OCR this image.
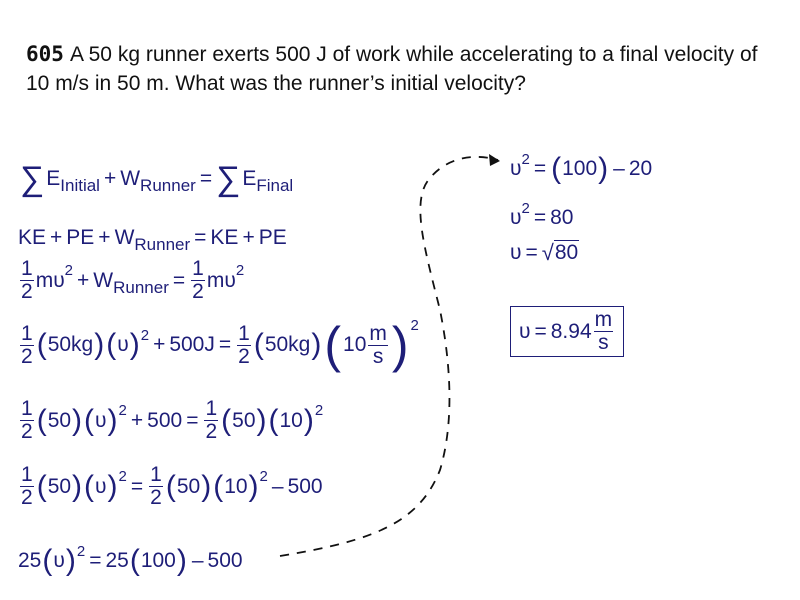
605 A 50 kg runner exerts 500 J of work while accelerating to a final velocity of 10 m/s in 50 m. What was the runner’s initial velocity?
∑ E Initial + W Runner = ∑ E Final
KE + PE + W Runner = KE + PE
$\frac{1}{2}$ m υ 2 + W Runner = $\frac{1}{2}$ m υ 2
$\frac{1}{2}$ ( 50kg ) ( υ ) $2 + 500J = \frac{1}{2}$ ( 50kg ) ( $10 \frac{m}{s}$ ) 2
$\frac{1}{2}$ ( 50 ) ( υ ) $2 + 500 = \frac{1}{2}$ ( 50 ) ( 10 ) 2
$\frac{1}{2}$ ( 50 ) ( υ ) $2 = \frac{1}{2}$ ( 50 ) ( 10 ) 2 – 500
25 ( υ ) 2 = 25 ( 100 ) – 500
υ 2 = ( 100 ) – 20
υ 2 = 80
υ = √ 80
$\upsilon = 8.94 \frac{m}{s}$
